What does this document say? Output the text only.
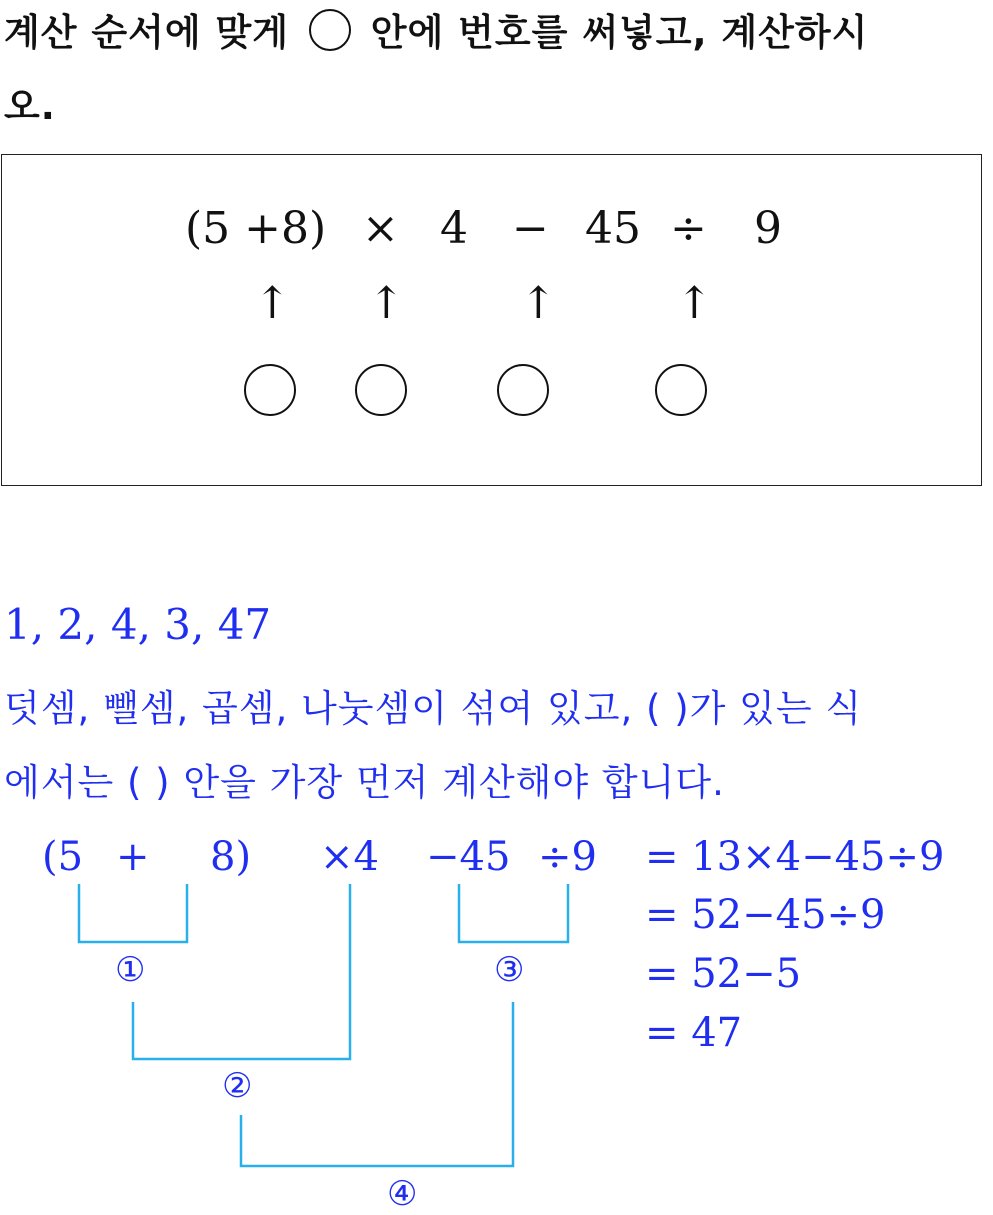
계산 순서에 맞게 안에 번호를 써넣고, 계산하시
오.
(5 +8) × 4 − 45 ÷ 9
↑ ↑	↑	↑
1, 2, 4, 3, 47
덧셈, 뺄셈, 곱셈, 나눗셈이 섞여 있고, ( )가 있는 식
에서는 ( ) 안을 가장 먼저 계산해야 합니다.
(5 + 8) ×4 −45 ÷9
①	③
②
④
= 13×4−45÷9
= 52−45÷9
= 52−5
= 47
